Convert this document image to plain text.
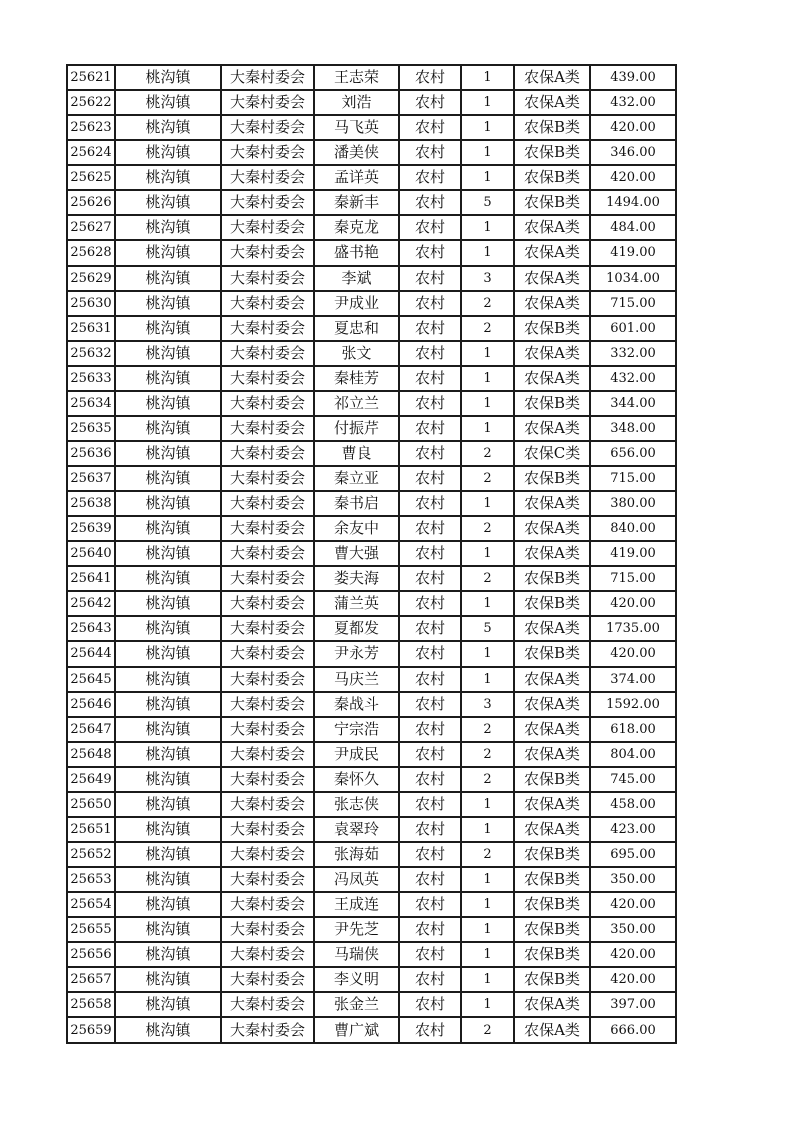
25621	桃沟镇	大秦村委会	王志荣	农村	1	农保A类	439.00
25622	桃沟镇	大秦村委会	刘浩	农村	1	农保A类	432.00
25623	桃沟镇	大秦村委会	马飞英	农村	1	农保B类	420.00
25624	桃沟镇	大秦村委会	潘美侠	农村	1	农保B类	346.00
25625	桃沟镇	大秦村委会	孟详英	农村	1	农保B类	420.00
25626	桃沟镇	大秦村委会	秦新丰	农村	5	农保B类	1494.00
25627	桃沟镇	大秦村委会	秦克龙	农村	1	农保A类	484.00
25628	桃沟镇	大秦村委会	盛书艳	农村	1	农保A类	419.00
25629	桃沟镇	大秦村委会	李斌	农村	3	农保A类	1034.00
25630	桃沟镇	大秦村委会	尹成业	农村	2	农保A类	715.00
25631	桃沟镇	大秦村委会	夏忠和	农村	2	农保B类	601.00
25632	桃沟镇	大秦村委会	张文	农村	1	农保A类	332.00
25633	桃沟镇	大秦村委会	秦桂芳	农村	1	农保A类	432.00
25634	桃沟镇	大秦村委会	祁立兰	农村	1	农保B类	344.00
25635	桃沟镇	大秦村委会	付振芹	农村	1	农保A类	348.00
25636	桃沟镇	大秦村委会	曹良	农村	2	农保C类	656.00
25637	桃沟镇	大秦村委会	秦立亚	农村	2	农保B类	715.00
25638	桃沟镇	大秦村委会	秦书启	农村	1	农保A类	380.00
25639	桃沟镇	大秦村委会	余友中	农村	2	农保A类	840.00
25640	桃沟镇	大秦村委会	曹大强	农村	1	农保A类	419.00
25641	桃沟镇	大秦村委会	娄夫海	农村	2	农保B类	715.00
25642	桃沟镇	大秦村委会	蒲兰英	农村	1	农保B类	420.00
25643	桃沟镇	大秦村委会	夏都发	农村	5	农保A类	1735.00
25644	桃沟镇	大秦村委会	尹永芳	农村	1	农保B类	420.00
25645	桃沟镇	大秦村委会	马庆兰	农村	1	农保A类	374.00
25646	桃沟镇	大秦村委会	秦战斗	农村	3	农保A类	1592.00
25647	桃沟镇	大秦村委会	宁宗浩	农村	2	农保A类	618.00
25648	桃沟镇	大秦村委会	尹成民	农村	2	农保A类	804.00
25649	桃沟镇	大秦村委会	秦怀久	农村	2	农保B类	745.00
25650	桃沟镇	大秦村委会	张志侠	农村	1	农保A类	458.00
25651	桃沟镇	大秦村委会	袁翠玲	农村	1	农保A类	423.00
25652	桃沟镇	大秦村委会	张海茹	农村	2	农保B类	695.00
25653	桃沟镇	大秦村委会	冯凤英	农村	1	农保B类	350.00
25654	桃沟镇	大秦村委会	王成连	农村	1	农保B类	420.00
25655	桃沟镇	大秦村委会	尹先芝	农村	1	农保B类	350.00
25656	桃沟镇	大秦村委会	马瑞侠	农村	1	农保B类	420.00
25657	桃沟镇	大秦村委会	李义明	农村	1	农保B类	420.00
25658	桃沟镇	大秦村委会	张金兰	农村	1	农保A类	397.00
25659	桃沟镇	大秦村委会	曹广斌	农村	2	农保A类	666.00
